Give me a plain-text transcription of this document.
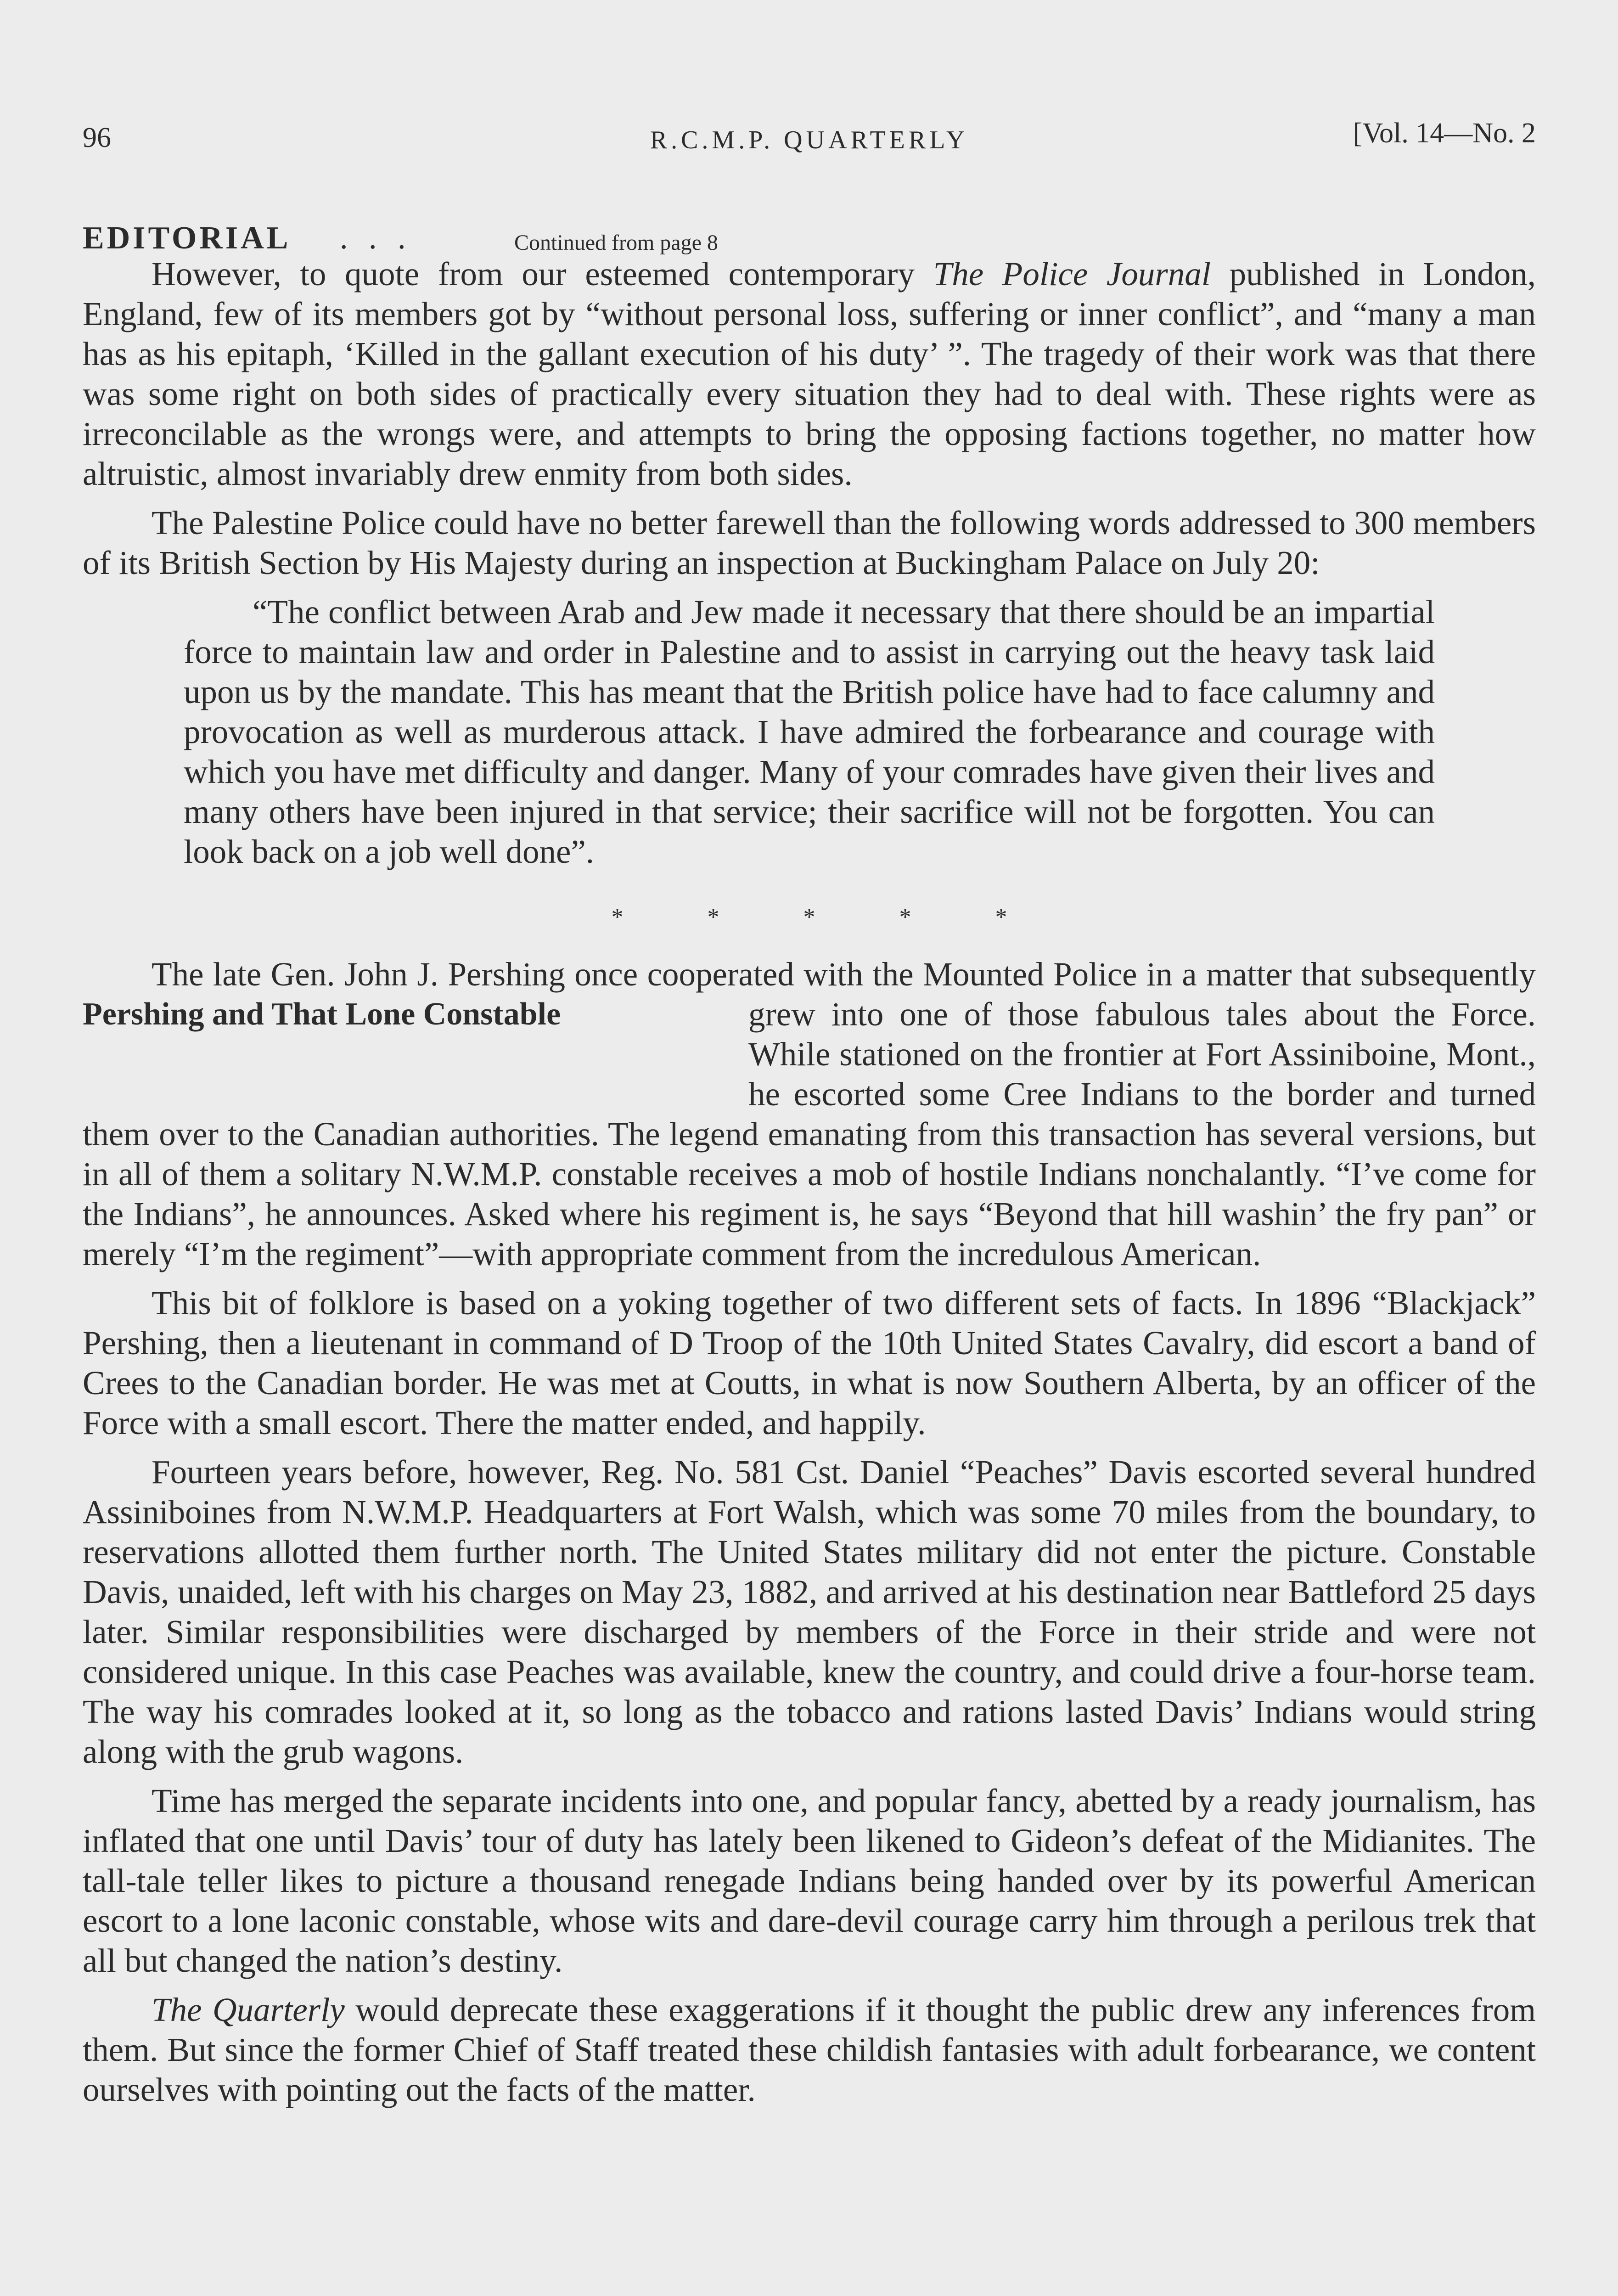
96	R.C.M.P. QUARTERLY	[Vol. 14—No. 2
EDITORIAL . . .	Continued from page 8

However, to quote from our esteemed contemporary The Police Journal published in London, England, few of its members got by “without personal loss, suffering or inner conflict”, and “many a man has as his epitaph, ‘Killed in the gallant execution of his duty’ ”. The tragedy of their work was that there was some right on both sides of practically every situation they had to deal with. These rights were as irreconcilable as the wrongs were, and attempts to bring the opposing factions together, no matter how altruistic, almost invariably drew enmity from both sides.

The Palestine Police could have no better farewell than the following words addressed to 300 members of its British Section by His Majesty during an inspection at Buckingham Palace on July 20:

“The conflict between Arab and Jew made it necessary that there should be an impartial force to maintain law and order in Palestine and to assist in carrying out the heavy task laid upon us by the mandate. This has meant that the British police have had to face calumny and provocation as well as murderous attack. I have admired the forbearance and courage with which you have met difficulty and danger. Many of your comrades have given their lives and many others have been injured in that service; their sacrifice will not be forgotten. You can look back on a job well done”.

* * * * *
Pershing and That Lone Constable

The late Gen. John J. Pershing once cooperated with the Mounted Police in a matter that subsequently grew into one of those fabulous tales about the Force. While stationed on the frontier at Fort Assiniboine, Mont., he escorted some Cree Indians to the border and turned them over to the Canadian authorities. The legend emanating from this transaction has several versions, but in all of them a solitary N.W.M.P. constable receives a mob of hostile Indians nonchalantly. “I’ve come for the Indians”, he announces. Asked where his regiment is, he says “Beyond that hill washin’ the fry pan” or merely “I’m the regiment”—with appropriate comment from the incredulous American.

This bit of folklore is based on a yoking together of two different sets of facts. In 1896 “Blackjack” Pershing, then a lieutenant in command of D Troop of the 10th United States Cavalry, did escort a band of Crees to the Canadian border. He was met at Coutts, in what is now Southern Alberta, by an officer of the Force with a small escort. There the matter ended, and happily.

Fourteen years before, however, Reg. No. 581 Cst. Daniel “Peaches” Davis escorted several hundred Assiniboines from N.W.M.P. Headquarters at Fort Walsh, which was some 70 miles from the boundary, to reservations allotted them further north. The United States military did not enter the picture. Constable Davis, unaided, left with his charges on May 23, 1882, and arrived at his destination near Battleford 25 days later. Similar responsibilities were discharged by members of the Force in their stride and were not considered unique. In this case Peaches was available, knew the country, and could drive a four-horse team. The way his comrades looked at it, so long as the tobacco and rations lasted Davis’ Indians would string along with the grub wagons.

Time has merged the separate incidents into one, and popular fancy, abetted by a ready journalism, has inflated that one until Davis’ tour of duty has lately been likened to Gideon’s defeat of the Midianites. The tall-tale teller likes to picture a thousand renegade Indians being handed over by its powerful American escort to a lone laconic constable, whose wits and dare-devil courage carry him through a perilous trek that all but changed the nation’s destiny.

The Quarterly would deprecate these exaggerations if it thought the public drew any inferences from them. But since the former Chief of Staff treated these childish fantasies with adult forbearance, we content ourselves with pointing out the facts of the matter.
